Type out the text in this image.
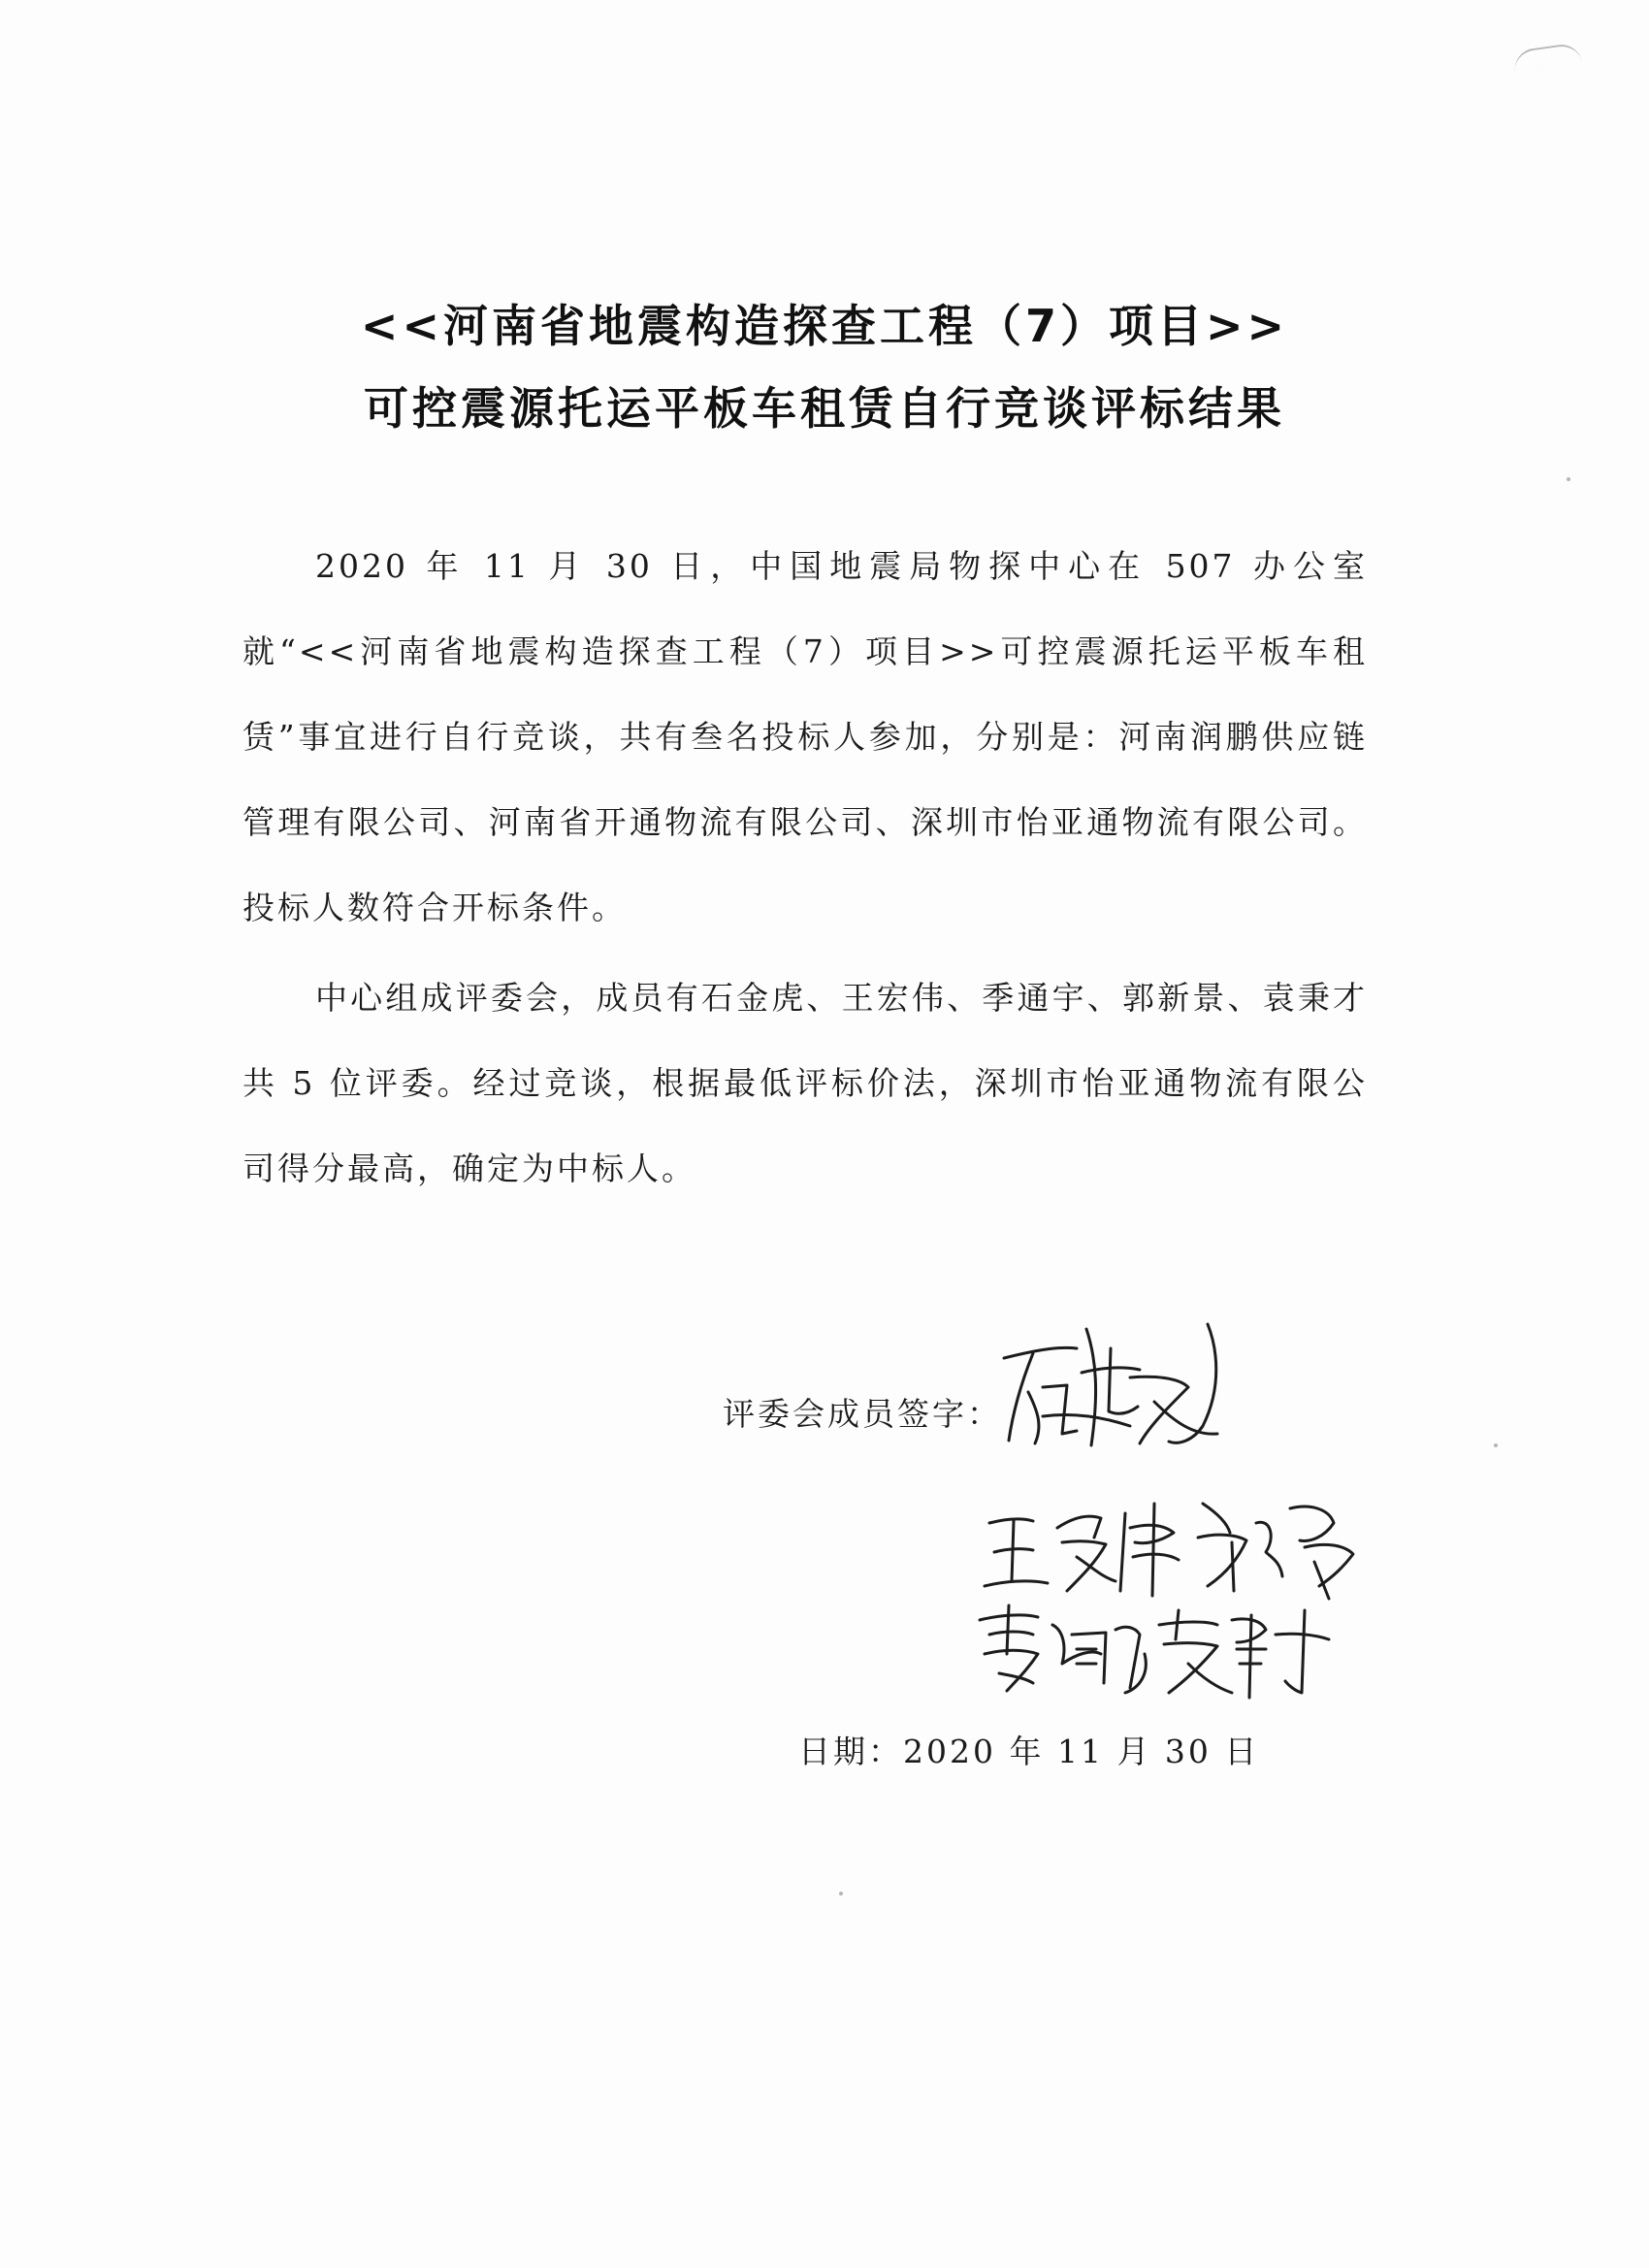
<<河南省地震构造探查工程（7）项目>>
可控震源托运平板车租赁自行竞谈评标结果
2020 年 11 月 30 日，中国地震局物探中心在 507 办公室就“<<河南省地震构造探查工程（7）项目>>可控震源托运平板车租赁”事宜进行自行竞谈，共有叁名投标人参加，分别是：河南润鹏供应链管理有限公司、河南省开通物流有限公司、深圳市怡亚通物流有限公司。投标人数符合开标条件。
中心组成评委会，成员有石金虎、王宏伟、季通宇、郭新景、袁秉才共 5 位评委。经过竞谈，根据最低评标价法，深圳市怡亚通物流有限公司得分最高，确定为中标人。
评委会成员签字：
日期：2020 年 11 月 30 日
